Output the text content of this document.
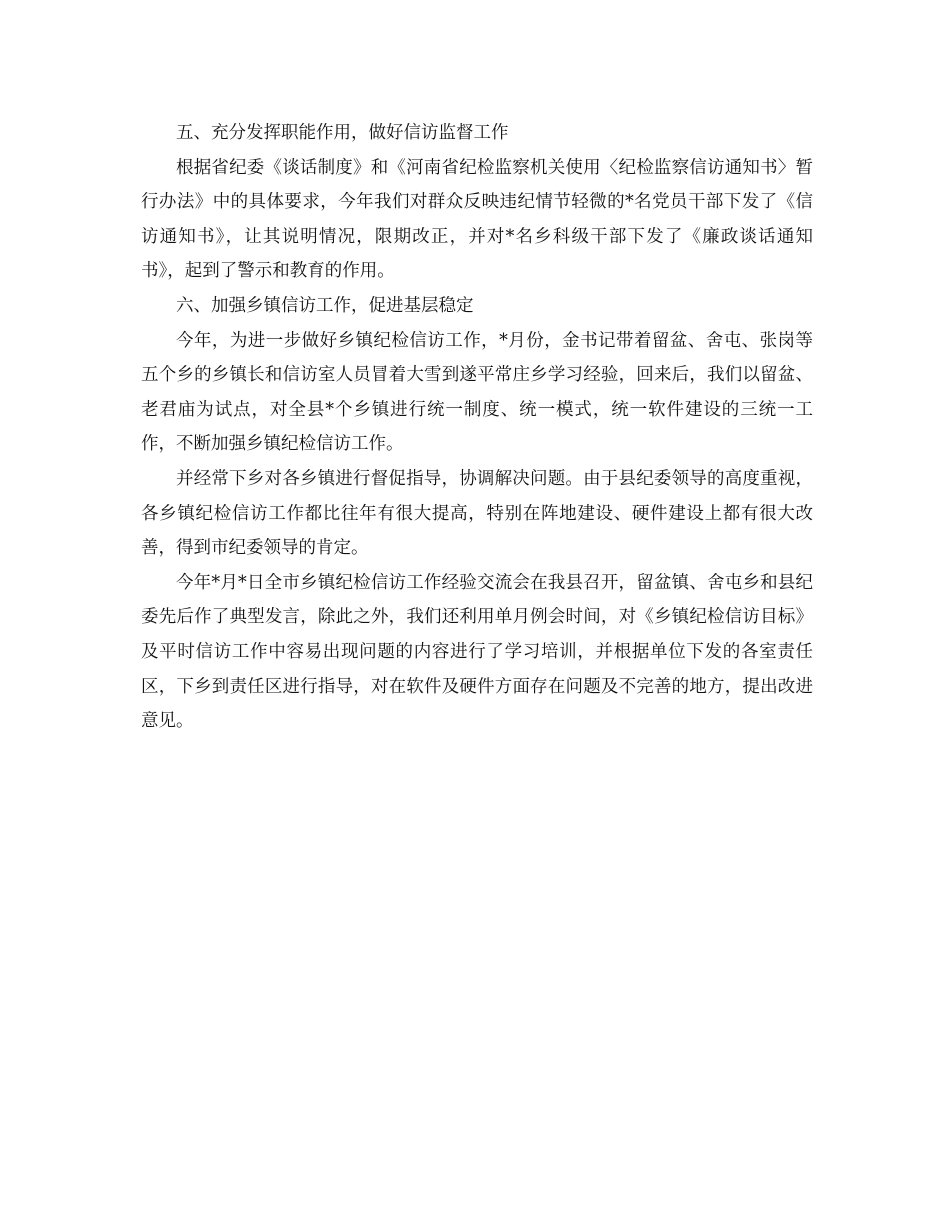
五、充分发挥职能作用，做好信访监督工作

根据省纪委《谈话制度》和《河南省纪检监察机关使用〈纪检监察信访通知书〉暂行办法》中的具体要求，今年我们对群众反映违纪情节轻微的*名党员干部下发了《信访通知书》，让其说明情况，限期改正，并对*名乡科级干部下发了《廉政谈话通知书》，起到了警示和教育的作用。

六、加强乡镇信访工作，促进基层稳定

今年，为进一步做好乡镇纪检信访工作，*月份，金书记带着留盆、舍屯、张岗等五个乡的乡镇长和信访室人员冒着大雪到遂平常庄乡学习经验，回来后，我们以留盆、老君庙为试点，对全县*个乡镇进行统一制度、统一模式，统一软件建设的三统一工作，不断加强乡镇纪检信访工作。

并经常下乡对各乡镇进行督促指导，协调解决问题。由于县纪委领导的高度重视，各乡镇纪检信访工作都比往年有很大提高，特别在阵地建设、硬件建设上都有很大改善，得到市纪委领导的肯定。

今年*月*日全市乡镇纪检信访工作经验交流会在我县召开，留盆镇、舍屯乡和县纪委先后作了典型发言，除此之外，我们还利用单月例会时间，对《乡镇纪检信访目标》及平时信访工作中容易出现问题的内容进行了学习培训，并根据单位下发的各室责任区，下乡到责任区进行指导，对在软件及硬件方面存在问题及不完善的地方，提出改进意见。
